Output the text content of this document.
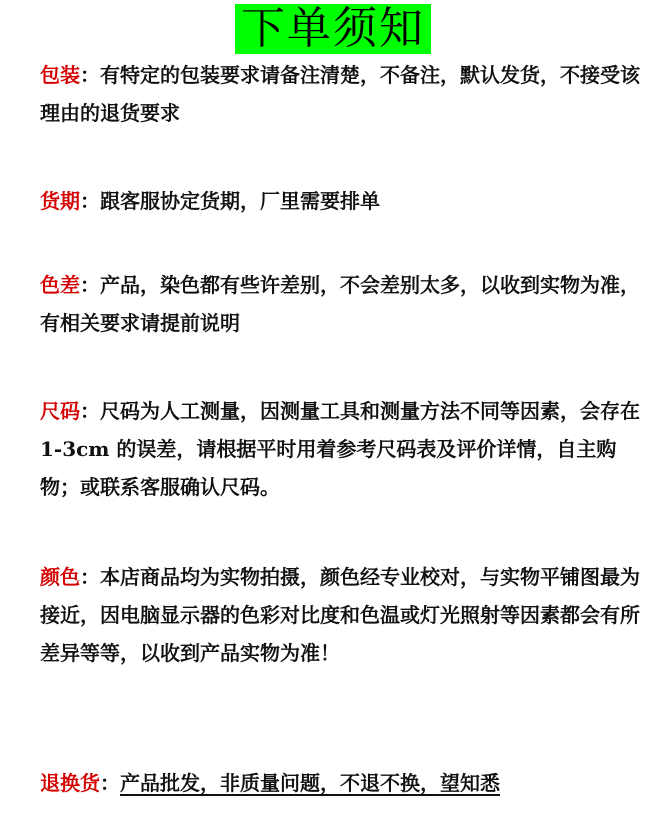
下单须知

包装：有特定的包装要求请备注清楚，不备注，默认发货，不接受该理由的退货要求

货期：跟客服协定货期，厂里需要排单

色差：产品，染色都有些许差别，不会差别太多，以收到实物为准，有相关要求请提前说明

尺码：尺码为人工测量，因测量工具和测量方法不同等因素，会存在 1-3cm 的误差，请根据平时用着参考尺码表及评价详情，自主购物；或联系客服确认尺码。

颜色：本店商品均为实物拍摄，颜色经专业校对，与实物平铺图最为接近，因电脑显示器的色彩对比度和色温或灯光照射等因素都会有所差异等等，以收到产品实物为准！

退换货：产品批发，非质量问题，不退不换，望知悉
